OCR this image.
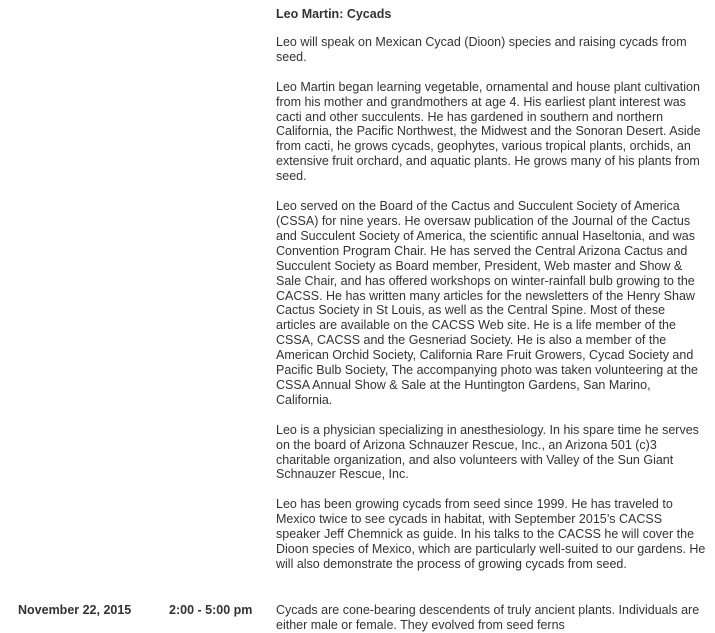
Leo Martin: Cycads

Leo will speak on Mexican Cycad (Dioon) species and raising cycads from seed.

Leo Martin began learning vegetable, ornamental and house plant cultivation from his mother and grandmothers at age 4. His earliest plant interest was cacti and other succulents. He has gardened in southern and northern California, the Pacific Northwest, the Midwest and the Sonoran Desert. Aside from cacti, he grows cycads, geophytes, various tropical plants, orchids, an extensive fruit orchard, and aquatic plants. He grows many of his plants from seed.

Leo served on the Board of the Cactus and Succulent Society of America (CSSA) for nine years. He oversaw publication of the Journal of the Cactus and Succulent Society of America, the scientific annual Haseltonia, and was Convention Program Chair. He has served the Central Arizona Cactus and Succulent Society as Board member, President, Web master and Show & Sale Chair, and has offered workshops on winter-rainfall bulb growing to the CACSS. He has written many articles for the newsletters of the Henry Shaw Cactus Society in St Louis, as well as the Central Spine. Most of these articles are available on the CACSS Web site. He is a life member of the CSSA, CACSS and the Gesneriad Society. He is also a member of the American Orchid Society, California Rare Fruit Growers, Cycad Society and Pacific Bulb Society, The accompanying photo was taken volunteering at the CSSA Annual Show & Sale at the Huntington Gardens, San Marino, California.

Leo is a physician specializing in anesthesiology. In his spare time he serves on the board of Arizona Schnauzer Rescue, Inc., an Arizona 501 (c)3 charitable organization, and also volunteers with Valley of the Sun Giant Schnauzer Rescue, Inc.

Leo has been growing cycads from seed since 1999. He has traveled to Mexico twice to see cycads in habitat, with September 2015’s CACSS speaker Jeff Chemnick as guide. In his talks to the CACSS he will cover the Dioon species of Mexico, which are particularly well-suited to our gardens. He will also demonstrate the process of growing cycads from seed.

November 22, 2015	2:00 - 5:00 pm Cycads are cone-bearing descendents of truly ancient plants. Individuals are either male or female. They evolved from seed ferns
